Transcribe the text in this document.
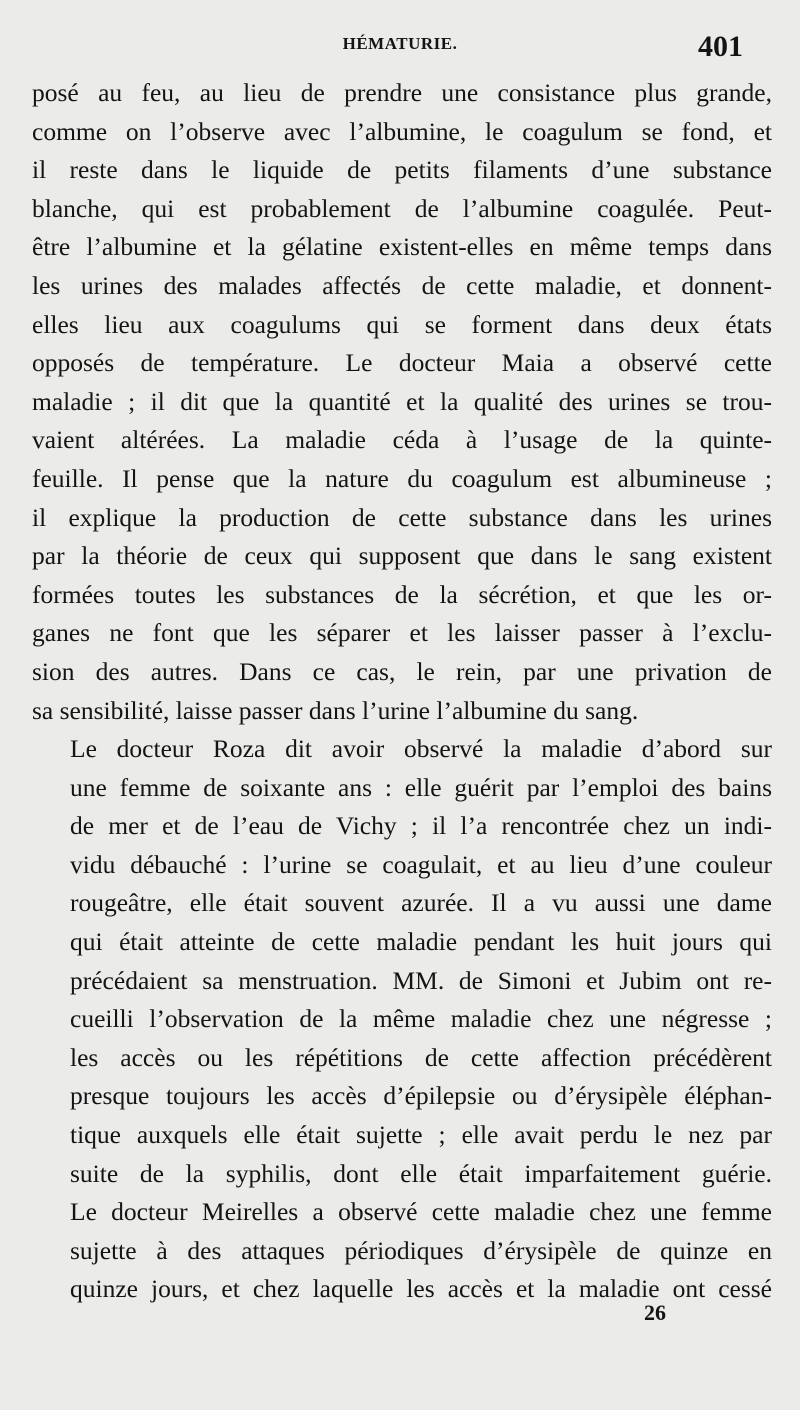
HÉMATURIE.	401
posé au feu, au lieu de prendre une consistance plus grande,
comme on l’observe avec l’albumine, le coagulum se fond, et
il reste dans le liquide de petits filaments d’une substance
blanche, qui est probablement de l’albumine coagulée. Peut-
être l’albumine et la gélatine existent-elles en même temps dans
les urines des malades affectés de cette maladie, et donnent-
elles lieu aux coagulums qui se forment dans deux états
opposés de température. Le docteur Maia a observé cette
maladie ; il dit que la quantité et la qualité des urines se trou-
vaient altérées. La maladie céda à l’usage de la quinte-
feuille. Il pense que la nature du coagulum est albumineuse ;
il explique la production de cette substance dans les urines
par la théorie de ceux qui supposent que dans le sang existent
formées toutes les substances de la sécrétion, et que les or-
ganes ne font que les séparer et les laisser passer à l’exclu-
sion des autres. Dans ce cas, le rein, par une privation de
sa sensibilité, laisse passer dans l’urine l’albumine du sang.
Le docteur Roza dit avoir observé la maladie d’abord sur
une femme de soixante ans : elle guérit par l’emploi des bains
de mer et de l’eau de Vichy ; il l’a rencontrée chez un indi-
vidu débauché : l’urine se coagulait, et au lieu d’une couleur
rougeâtre, elle était souvent azurée. Il a vu aussi une dame
qui était atteinte de cette maladie pendant les huit jours qui
précédaient sa menstruation. MM. de Simoni et Jubim ont re-
cueilli l’observation de la même maladie chez une négresse ;
les accès ou les répétitions de cette affection précédèrent
presque toujours les accès d’épilepsie ou d’érysipèle éléphan-
tique auxquels elle était sujette ; elle avait perdu le nez par
suite de la syphilis, dont elle était imparfaitement guérie.
Le docteur Meirelles a observé cette maladie chez une femme
sujette à des attaques périodiques d’érysipèle de quinze en
quinze jours, et chez laquelle les accès et la maladie ont cessé
26
